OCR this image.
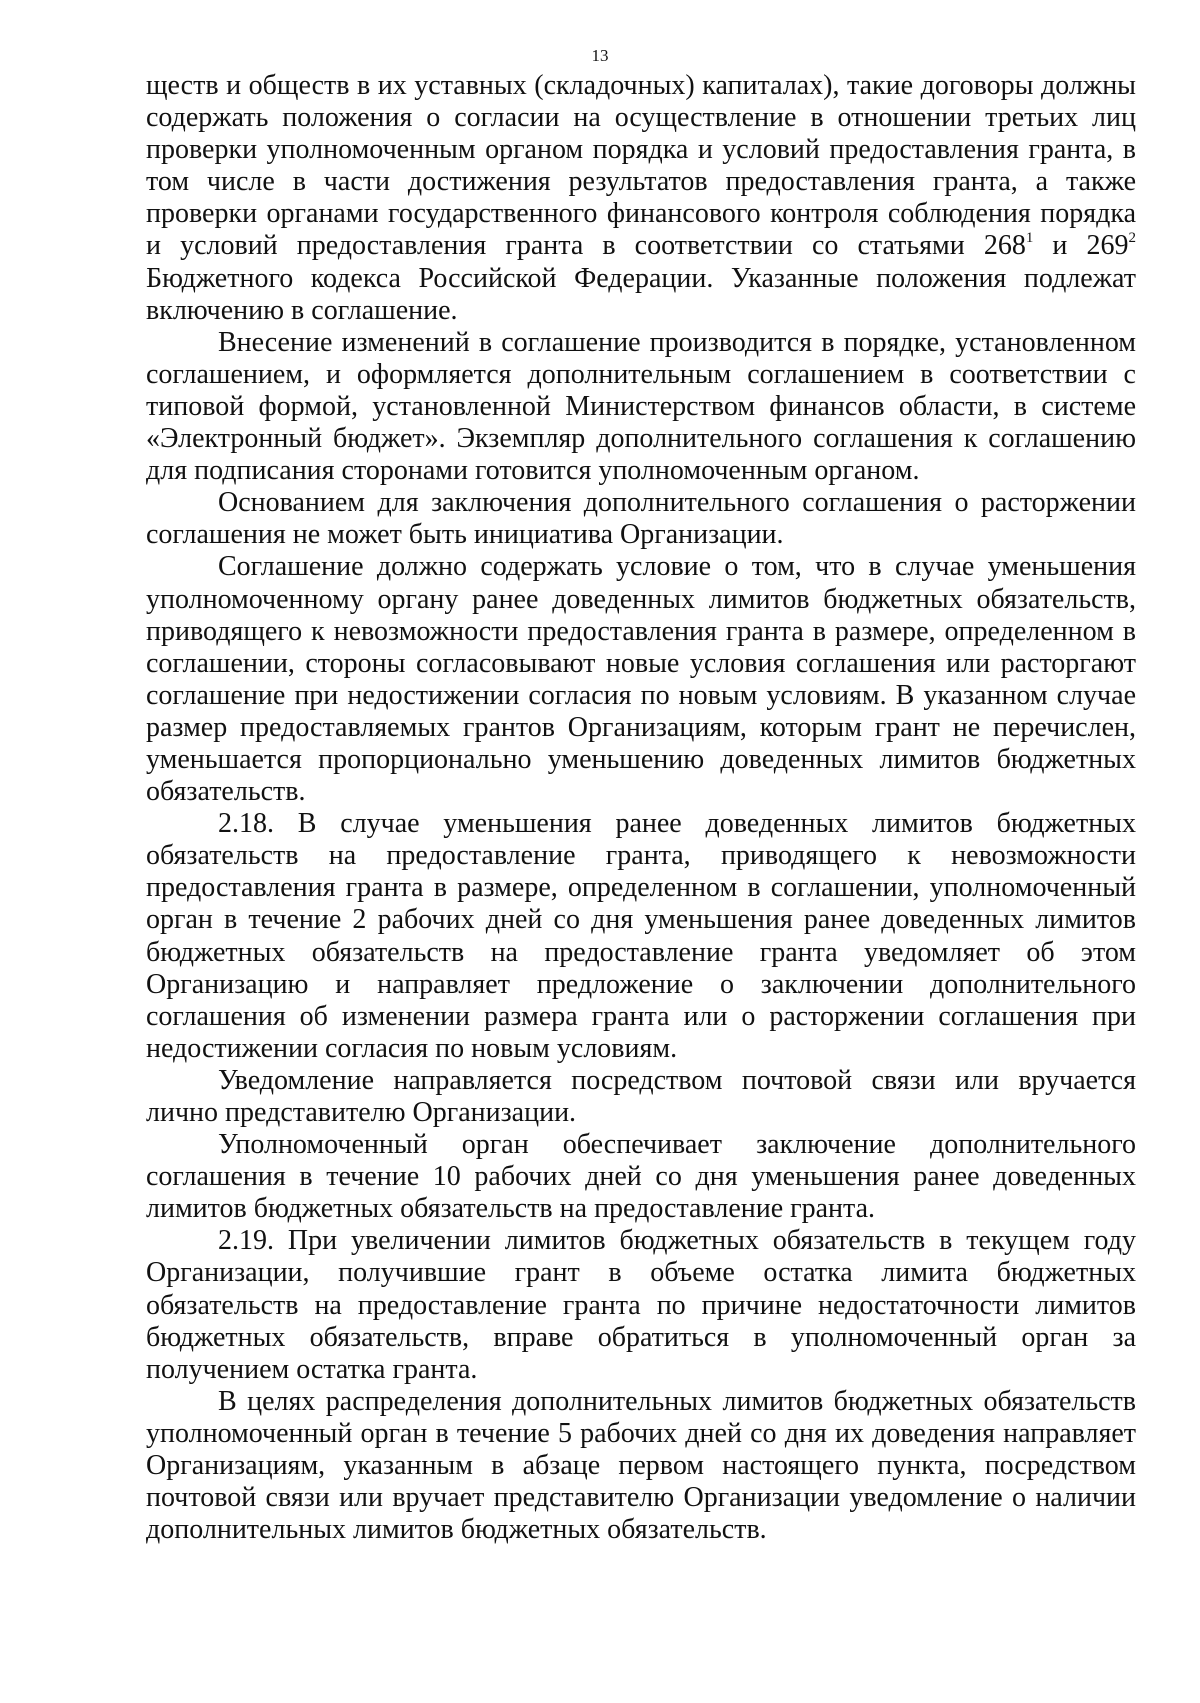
13

ществ и обществ в их уставных (складочных) капиталах), такие договоры должны содержать положения о согласии на осуществление в отношении третьих лиц проверки уполномоченным органом порядка и условий предоставления гранта, в том числе в части достижения результатов предоставления гранта, а также проверки органами государственного финансового контроля соблюдения порядка и условий предоставления гранта в соответствии со статьями $268^1$ и $269^2$ Бюджетного кодекса Российской Федерации. Указанные положения подлежат включению в соглашение.

Внесение изменений в соглашение производится в порядке, установленном соглашением, и оформляется дополнительным соглашением в соответствии с типовой формой, установленной Министерством финансов области, в системе «Электронный бюджет». Экземпляр дополнительного соглашения к соглашению для подписания сторонами готовится уполномоченным органом.

Основанием для заключения дополнительного соглашения о расторжении соглашения не может быть инициатива Организации.

Соглашение должно содержать условие о том, что в случае уменьшения уполномоченному органу ранее доведенных лимитов бюджетных обязательств, приводящего к невозможности предоставления гранта в размере, определенном в соглашении, стороны согласовывают новые условия соглашения или расторгают соглашение при недостижении согласия по новым условиям. В указанном случае размер предоставляемых грантов Организациям, которым грант не перечислен, уменьшается пропорционально уменьшению доведенных лимитов бюджетных обязательств.

2.18. В случае уменьшения ранее доведенных лимитов бюджетных обязательств на предоставление гранта, приводящего к невозможности предоставления гранта в размере, определенном в соглашении, уполномоченный орган в течение 2 рабочих дней со дня уменьшения ранее доведенных лимитов бюджетных обязательств на предоставление гранта уведомляет об этом Организацию и направляет предложение о заключении дополнительного соглашения об изменении размера гранта или о расторжении соглашения при недостижении согласия по новым условиям.

Уведомление направляется посредством почтовой связи или вручается лично представителю Организации.

Уполномоченный орган обеспечивает заключение дополнительного соглашения в течение 10 рабочих дней со дня уменьшения ранее доведенных лимитов бюджетных обязательств на предоставление гранта.

2.19. При увеличении лимитов бюджетных обязательств в текущем году Организации, получившие грант в объеме остатка лимита бюджетных обязательств на предоставление гранта по причине недостаточности лимитов бюджетных обязательств, вправе обратиться в уполномоченный орган за получением остатка гранта.

В целях распределения дополнительных лимитов бюджетных обязательств уполномоченный орган в течение 5 рабочих дней со дня их доведения направляет Организациям, указанным в абзаце первом настоящего пункта, посредством почтовой связи или вручает представителю Организации уведомление о наличии дополнительных лимитов бюджетных обязательств.
